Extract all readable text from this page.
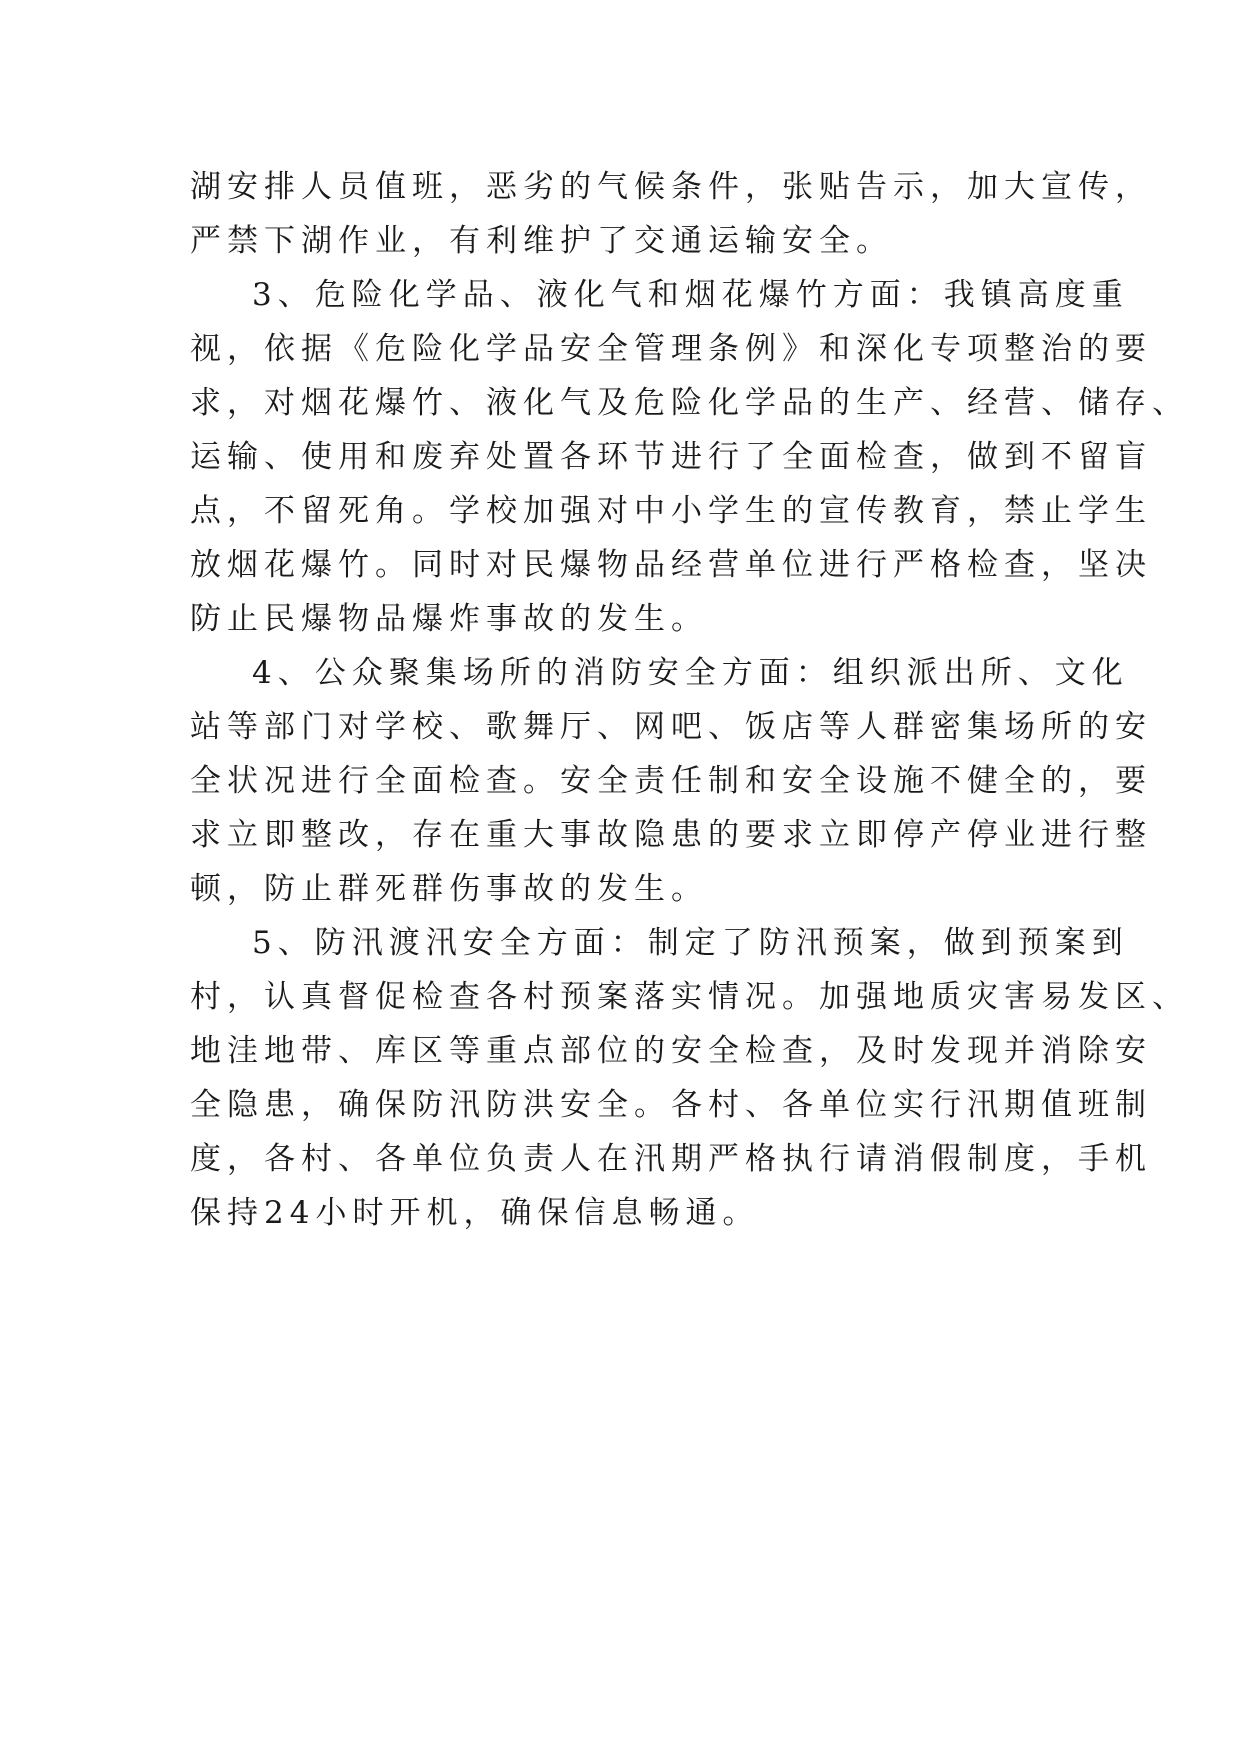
湖安排人员值班，恶劣的气候条件，张贴告示，加大宣传，
严禁下湖作业，有利维护了交通运输安全。
3、危险化学品、液化气和烟花爆竹方面：我镇高度重
视，依据《危险化学品安全管理条例》和深化专项整治的要
求，对烟花爆竹、液化气及危险化学品的生产、经营、储存、
运输、使用和废弃处置各环节进行了全面检查，做到不留盲
点，不留死角。学校加强对中小学生的宣传教育，禁止学生
放烟花爆竹。同时对民爆物品经营单位进行严格检查，坚决
防止民爆物品爆炸事故的发生。
4、公众聚集场所的消防安全方面：组织派出所、文化
站等部门对学校、歌舞厅、网吧、饭店等人群密集场所的安
全状况进行全面检查。安全责任制和安全设施不健全的，要
求立即整改，存在重大事故隐患的要求立即停产停业进行整
顿，防止群死群伤事故的发生。
5、防汛渡汛安全方面：制定了防汛预案，做到预案到
村，认真督促检查各村预案落实情况。加强地质灾害易发区、
地洼地带、库区等重点部位的安全检查，及时发现并消除安
全隐患，确保防汛防洪安全。各村、各单位实行汛期值班制
度，各村、各单位负责人在汛期严格执行请消假制度，手机
保持24小时开机，确保信息畅通。
